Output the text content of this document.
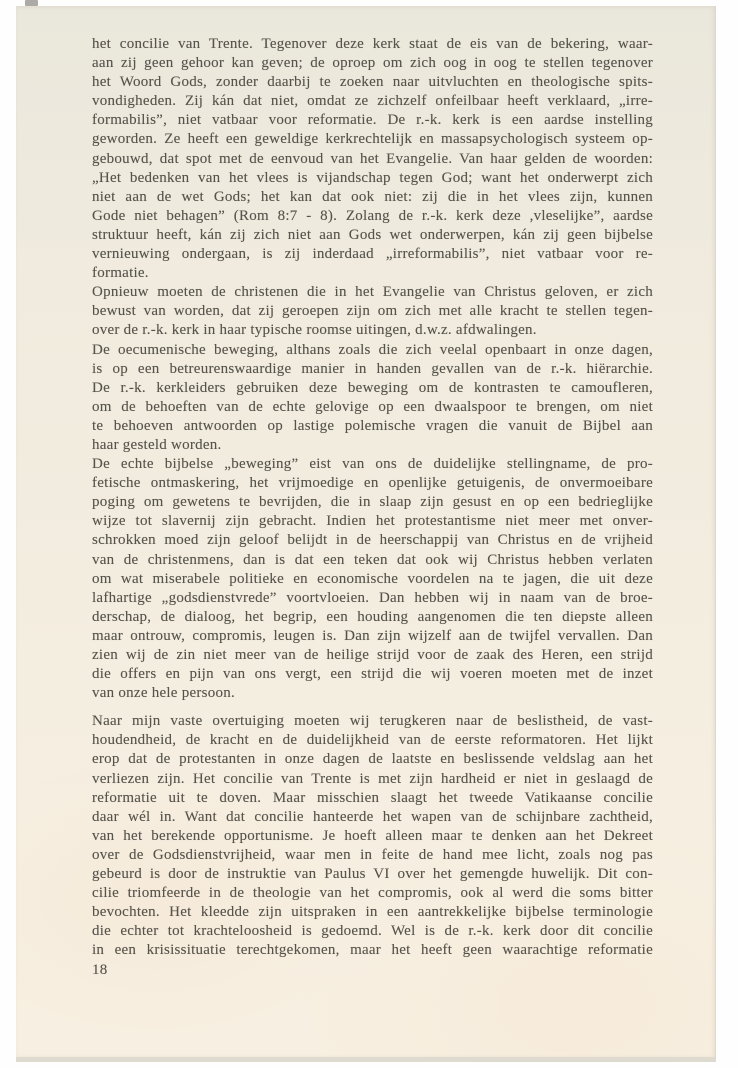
het concilie van Trente. Tegenover deze kerk staat de eis van de bekering, waar-
aan zij geen gehoor kan geven; de oproep om zich oog in oog te stellen tegenover
het Woord Gods, zonder daarbij te zoeken naar uitvluchten en theologische spits-
vondigheden. Zij kán dat niet, omdat ze zichzelf onfeilbaar heeft verklaard, „irre-
formabilis”, niet vatbaar voor reformatie. De r.-k. kerk is een aardse instelling
geworden. Ze heeft een geweldige kerkrechtelijk en massapsychologisch systeem op-
gebouwd, dat spot met de eenvoud van het Evangelie. Van haar gelden de woorden:
„Het bedenken van het vlees is vijandschap tegen God; want het onderwerpt zich
niet aan de wet Gods; het kan dat ook niet: zij die in het vlees zijn, kunnen
Gode niet behagen” (Rom 8:7 - 8). Zolang de r.-k. kerk deze ,vleselijke”, aardse
struktuur heeft, kán zij zich niet aan Gods wet onderwerpen, kán zij geen bijbelse
vernieuwing ondergaan, is zij inderdaad „irreformabilis”, niet vatbaar voor re-
formatie.
Opnieuw moeten de christenen die in het Evangelie van Christus geloven, er zich
bewust van worden, dat zij geroepen zijn om zich met alle kracht te stellen tegen-
over de r.-k. kerk in haar typische roomse uitingen, d.w.z. afdwalingen.
De oecumenische beweging, althans zoals die zich veelal openbaart in onze dagen,
is op een betreurenswaardige manier in handen gevallen van de r.-k. hiërarchie.
De r.-k. kerkleiders gebruiken deze beweging om de kontrasten te camoufleren,
om de behoeften van de echte gelovige op een dwaalspoor te brengen, om niet
te behoeven antwoorden op lastige polemische vragen die vanuit de Bijbel aan
haar gesteld worden.
De echte bijbelse „beweging” eist van ons de duidelijke stellingname, de pro-
fetische ontmaskering, het vrijmoedige en openlijke getuigenis, de onvermoeibare
poging om gewetens te bevrijden, die in slaap zijn gesust en op een bedrieglijke
wijze tot slavernij zijn gebracht. Indien het protestantisme niet meer met onver-
schrokken moed zijn geloof belijdt in de heerschappij van Christus en de vrijheid
van de christenmens, dan is dat een teken dat ook wij Christus hebben verlaten
om wat miserabele politieke en economische voordelen na te jagen, die uit deze
lafhartige „godsdienstvrede” voortvloeien. Dan hebben wij in naam van de broe-
derschap, de dialoog, het begrip, een houding aangenomen die ten diepste alleen
maar ontrouw, compromis, leugen is. Dan zijn wijzelf aan de twijfel vervallen. Dan
zien wij de zin niet meer van de heilige strijd voor de zaak des Heren, een strijd
die offers en pijn van ons vergt, een strijd die wij voeren moeten met de inzet
van onze hele persoon.
Naar mijn vaste overtuiging moeten wij terugkeren naar de beslistheid, de vast-
houdendheid, de kracht en de duidelijkheid van de eerste reformatoren. Het lijkt
erop dat de protestanten in onze dagen de laatste en beslissende veldslag aan het
verliezen zijn. Het concilie van Trente is met zijn hardheid er niet in geslaagd de
reformatie uit te doven. Maar misschien slaagt het tweede Vatikaanse concilie
daar wél in. Want dat concilie hanteerde het wapen van de schijnbare zachtheid,
van het berekende opportunisme. Je hoeft alleen maar te denken aan het Dekreet
over de Godsdienstvrijheid, waar men in feite de hand mee licht, zoals nog pas
gebeurd is door de instruktie van Paulus VI over het gemengde huwelijk. Dit con-
cilie triomfeerde in de theologie van het compromis, ook al werd die soms bitter
bevochten. Het kleedde zijn uitspraken in een aantrekkelijke bijbelse terminologie
die echter tot krachteloosheid is gedoemd. Wel is de r.-k. kerk door dit concilie
in een krisissituatie terechtgekomen, maar het heeft geen waarachtige reformatie
18
